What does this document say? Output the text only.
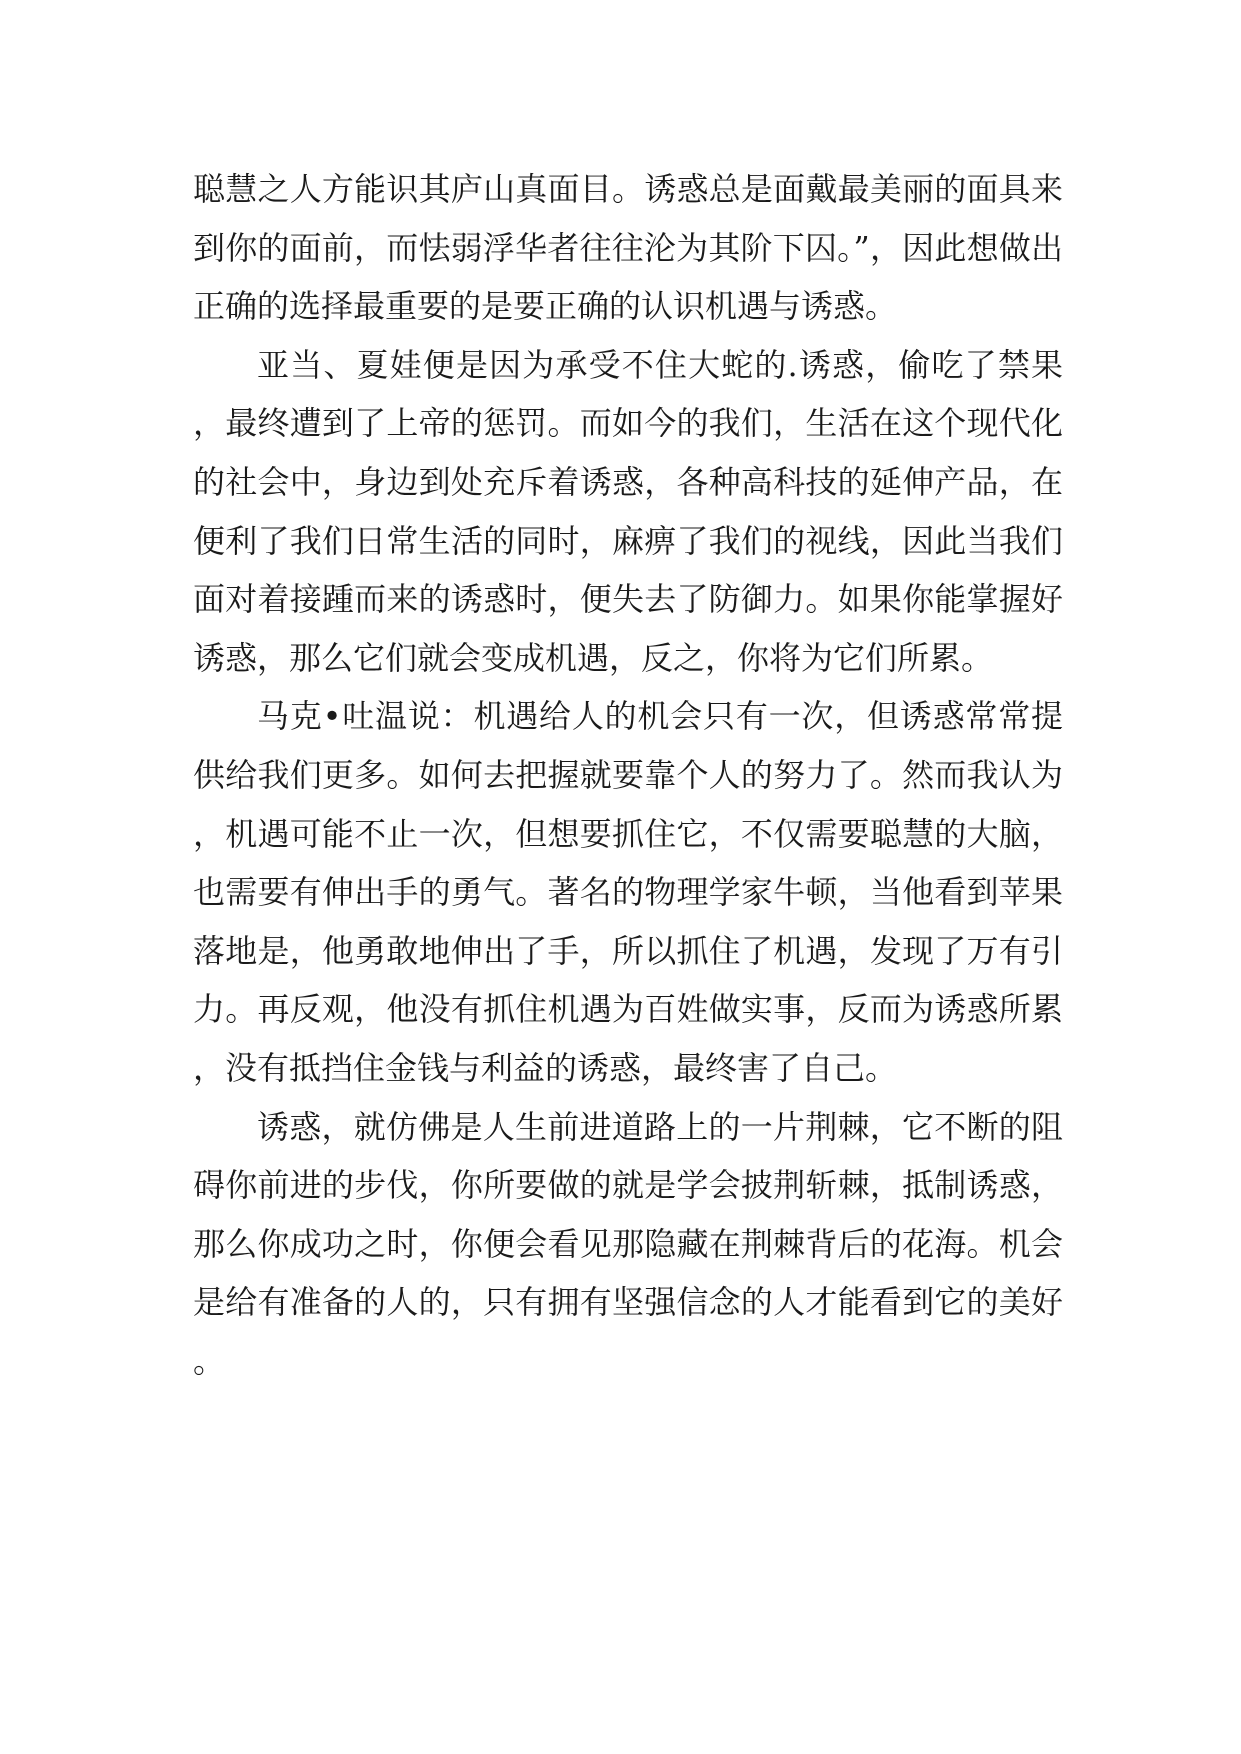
聪慧之人方能识其庐山真面目。诱惑总是面戴最美丽的面具来到你的面前，而怯弱浮华者往往沦为其阶下囚。”，因此想做出正确的选择最重要的是要正确的认识机遇与诱惑。

亚当、夏娃便是因为承受不住大蛇的.诱惑，偷吃了禁果，最终遭到了上帝的惩罚。而如今的我们，生活在这个现代化的社会中，身边到处充斥着诱惑，各种高科技的延伸产品，在便利了我们日常生活的同时，麻痹了我们的视线，因此当我们面对着接踵而来的诱惑时，便失去了防御力。如果你能掌握好诱惑，那么它们就会变成机遇，反之，你将为它们所累。

马克•吐温说：机遇给人的机会只有一次，但诱惑常常提供给我们更多。如何去把握就要靠个人的努力了。然而我认为，机遇可能不止一次，但想要抓住它，不仅需要聪慧的大脑，也需要有伸出手的勇气。著名的物理学家牛顿，当他看到苹果落地是，他勇敢地伸出了手，所以抓住了机遇，发现了万有引力。再反观，他没有抓住机遇为百姓做实事，反而为诱惑所累，没有抵挡住金钱与利益的诱惑，最终害了自己。

诱惑，就仿佛是人生前进道路上的一片荆棘，它不断的阻碍你前进的步伐，你所要做的就是学会披荆斩棘，抵制诱惑，那么你成功之时，你便会看见那隐藏在荆棘背后的花海。机会是给有准备的人的，只有拥有坚强信念的人才能看到它的美好。
